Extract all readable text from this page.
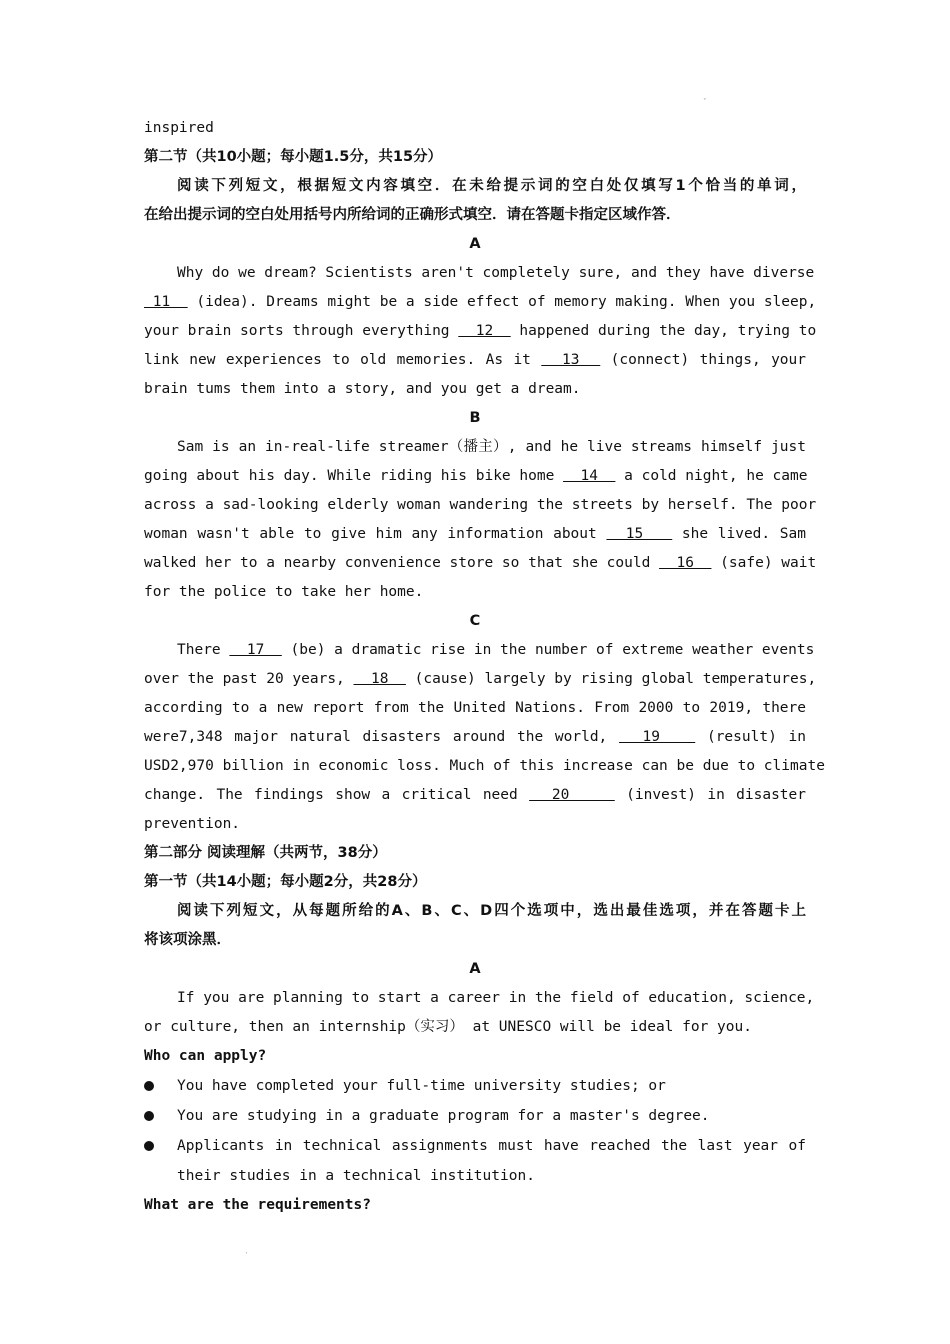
ˇ
inspired
第二节（共10小题；每小题1.5分，共15分）
阅读下列短文，根据短文内容填空．在未给提示词的空白处仅填写1个恰当的单词，
在给出提示词的空白处用括号内所给词的正确形式填空．请在答题卡指定区域作答．
A
Why do we dream? Scientists aren't completely sure, and they have diverse
11   (idea). Dreams might be a side effect of memory making. When you sleep,
your brain sorts through everything   12   happened during the day, trying to
link new experiences to old memories. As it   13   (connect) things, your
brain tums them into a story, and you get a dream.
B
Sam is an in-real-life streamer（播主）, and he live streams himself just
going about his day. While riding his bike home   14   a cold night, he came
across a sad-looking elderly woman wandering the streets by herself. The poor
woman wasn't able to give him any information about   15    she lived. Sam
walked her to a nearby convenience store so that she could   16   (safe) wait
for the police to take her home.
C
There   17   (be) a dramatic rise in the number of extreme weather events
over the past 20 years,   18   (cause) largely by rising global temperatures,
according to a new report from the United Nations. From 2000 to 2019, there
were7,348 major natural disasters around the world,   19    (result) in
USD2,970 billion in economic loss. Much of this increase can be due to climate
change. The findings show a critical need   20     (invest) in disaster
prevention.
第二部分 阅读理解（共两节，38分）
第一节（共14小题；每小题2分，共28分）
阅读下列短文，从每题所给的A、B、C、D四个选项中，选出最佳选项，并在答题卡上
将该项涂黑．
A
If you are planning to start a career in the field of education, science,
or culture, then an internship（实习） at UNESCO will be ideal for you.
Who can apply?
You have completed your full-time university studies; or
You are studying in a graduate program for a master's degree.
Applicants in technical assignments must have reached the last year of their studies in a technical institution.
What are the requirements?
ˎ
